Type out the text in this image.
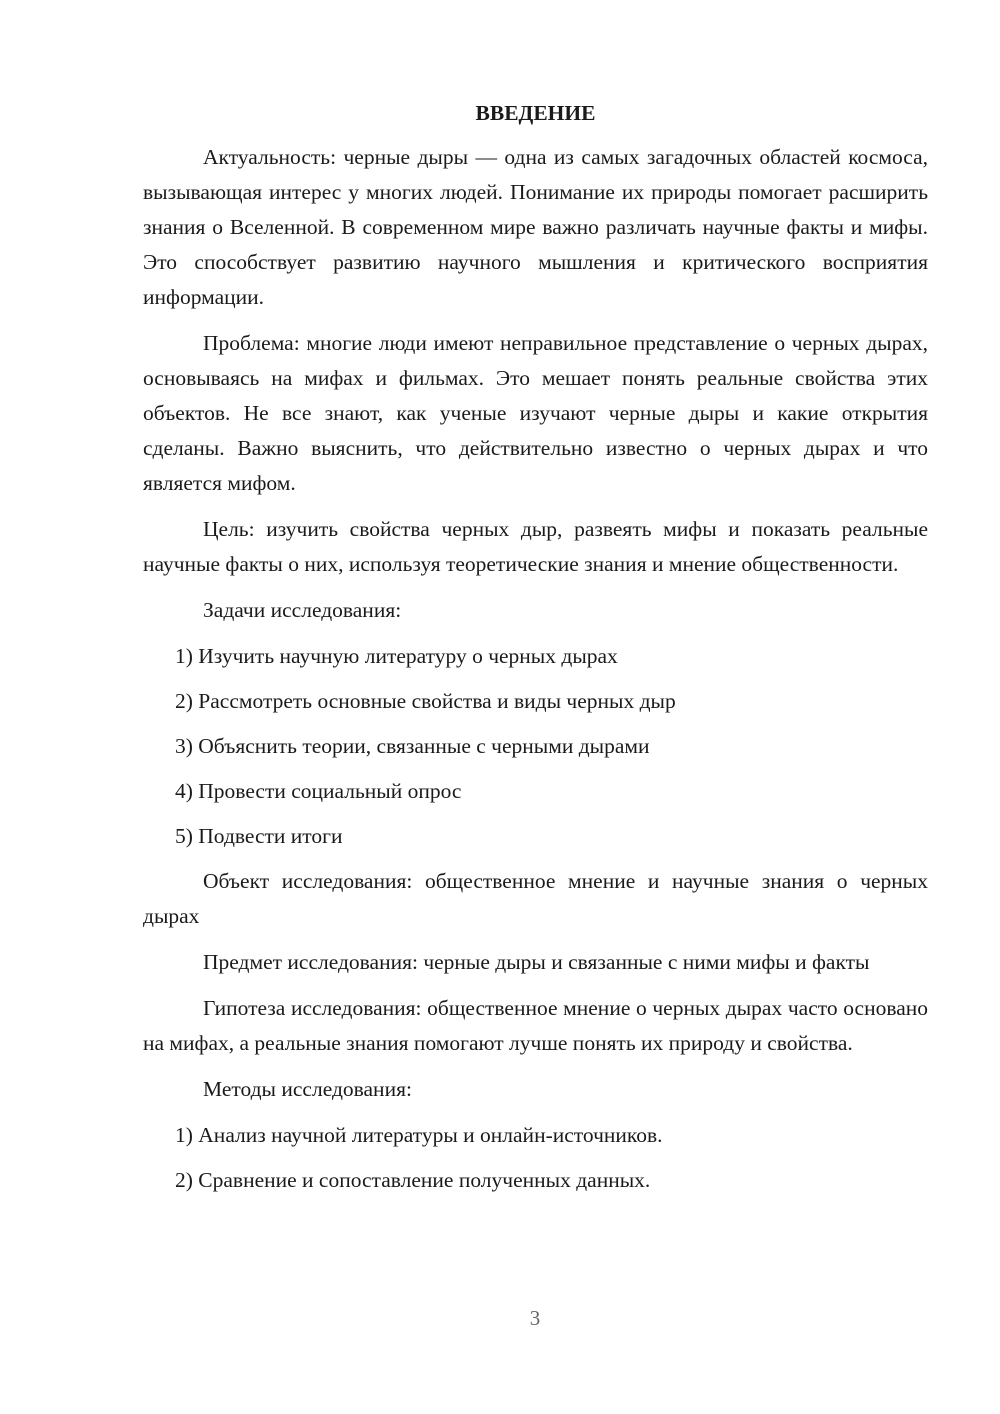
ВВЕДЕНИЕ

Актуальность: черные дыры — одна из самых загадочных областей космоса, вызывающая интерес у многих людей. Понимание их природы помогает расширить знания о Вселенной. В современном мире важно различать научные факты и мифы. Это способствует развитию научного мышления и критического восприятия информации.

Проблема: многие люди имеют неправильное представление о черных дырах, основываясь на мифах и фильмах. Это мешает понять реальные свойства этих объектов. Не все знают, как ученые изучают черные дыры и какие открытия сделаны. Важно выяснить, что действительно известно о черных дырах и что является мифом.

Цель: изучить свойства черных дыр, развеять мифы и показать реальные научные факты о них, используя теоретические знания и мнение общественности.

Задачи исследования:

1) Изучить научную литературу о черных дырах
2) Рассмотреть основные свойства и виды черных дыр
3) Объяснить теории, связанные с черными дырами
4) Провести социальный опрос
5) Подвести итоги

Объект исследования: общественное мнение и научные знания о черных дырах

Предмет исследования: черные дыры и связанные с ними мифы и факты

Гипотеза исследования: общественное мнение о черных дырах часто основано на мифах, а реальные знания помогают лучше понять их природу и свойства.

Методы исследования:

1) Анализ научной литературы и онлайн-источников.
2) Сравнение и сопоставление полученных данных.
3
